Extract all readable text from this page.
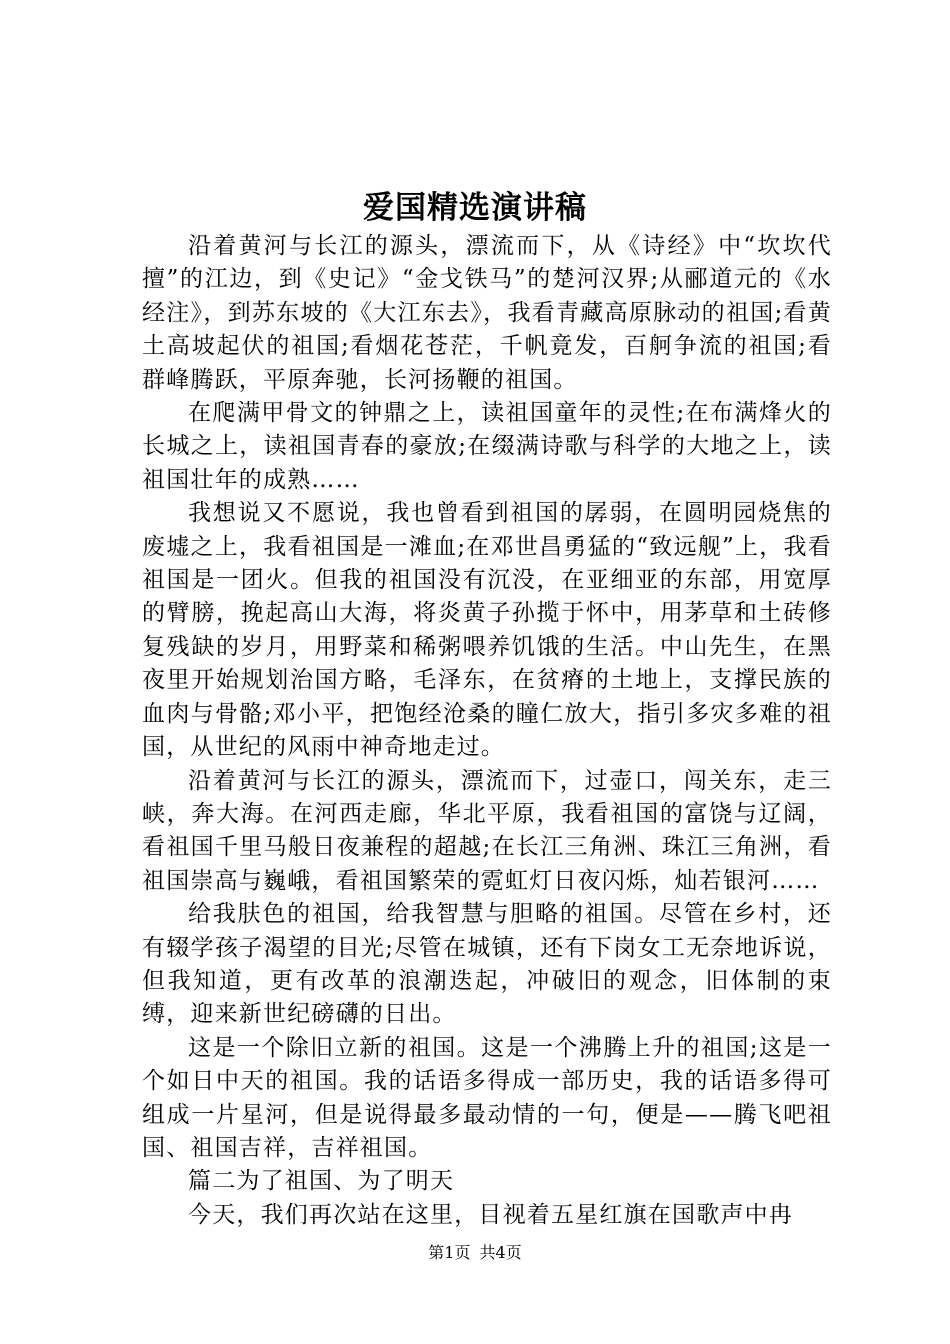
爱国精选演讲稿

沿着黄河与长江的源头，漂流而下，从《诗经》中“坎坎代擅”的江边，到《史记》“金戈铁马”的楚河汉界;从郦道元的《水经注》，到苏东坡的《大江东去》，我看青藏高原脉动的祖国;看黄土高坡起伏的祖国;看烟花苍茫，千帆竟发，百舸争流的祖国;看群峰腾跃，平原奔驰，长河扬鞭的祖国。

在爬满甲骨文的钟鼎之上，读祖国童年的灵性;在布满烽火的长城之上，读祖国青春的豪放;在缀满诗歌与科学的大地之上，读祖国壮年的成熟……

我想说又不愿说，我也曾看到祖国的孱弱，在圆明园烧焦的废墟之上，我看祖国是一滩血;在邓世昌勇猛的“致远舰”上，我看祖国是一团火。但我的祖国没有沉没，在亚细亚的东部，用宽厚的臂膀，挽起高山大海，将炎黄子孙揽于怀中，用茅草和土砖修复残缺的岁月，用野菜和稀粥喂养饥饿的生活。中山先生，在黑夜里开始规划治国方略，毛泽东，在贫瘠的土地上，支撑民族的血肉与骨骼;邓小平，把饱经沧桑的瞳仁放大，指引多灾多难的祖国，从世纪的风雨中神奇地走过。

沿着黄河与长江的源头，漂流而下，过壶口，闯关东，走三峡，奔大海。在河西走廊，华北平原，我看祖国的富饶与辽阔，看祖国千里马般日夜兼程的超越;在长江三角洲、珠江三角洲，看祖国崇高与巍峨，看祖国繁荣的霓虹灯日夜闪烁，灿若银河……

给我肤色的祖国，给我智慧与胆略的祖国。尽管在乡村，还有辍学孩子渴望的目光;尽管在城镇，还有下岗女工无奈地诉说，但我知道，更有改革的浪潮迭起，冲破旧的观念，旧体制的束缚，迎来新世纪磅礴的日出。

这是一个除旧立新的祖国。这是一个沸腾上升的祖国;这是一个如日中天的祖国。我的话语多得成一部历史，我的话语多得可组成一片星河，但是说得最多最动情的一句，便是——腾飞吧祖国、祖国吉祥，吉祥祖国。

篇二为了祖国、为了明天

今天，我们再次站在这里，目视着五星红旗在国歌声中冉

第1页 共4页
